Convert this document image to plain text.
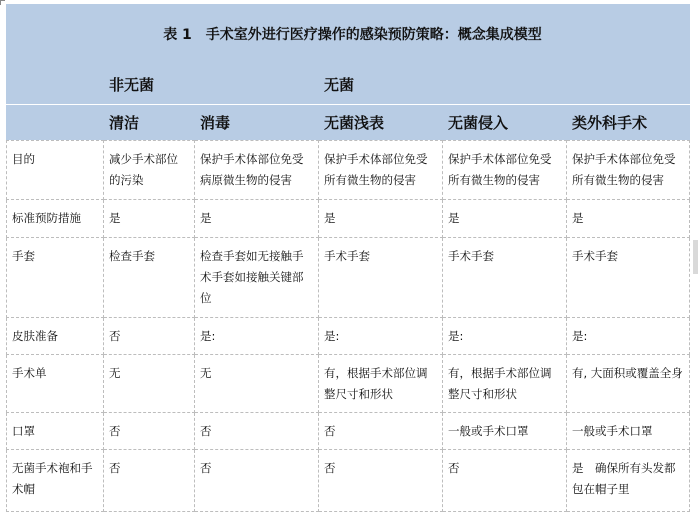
表 1　手术室外进行医疗操作的感染预防策略：概念集成模型					
	非无菌		无菌		
	清洁	消毒	无菌浅表	无菌侵入	类外科手术
目的	减少手术部位的污染	保护手术体部位免受病原微生物的侵害	保护手术体部位免受所有微生物的侵害	保护手术体部位免受所有微生物的侵害	保护手术体部位免受所有微生物的侵害
标准预防措施	是	是	是	是	是
手套	检查手套	检查手套如无接触手术手套如接触关键部位	手术手套	手术手套	手术手套
皮肤准备	否	是:	是:	是:	是:
手术单	无	无	有，根据手术部位调整尺寸和形状	有，根据手术部位调整尺寸和形状	有, 大面积或覆盖全身
口罩	否	否	否	一般或手术口罩	一般或手术口罩
无菌手术袍和手术帽	否	否	否	否	是　确保所有头发都包在帽子里
